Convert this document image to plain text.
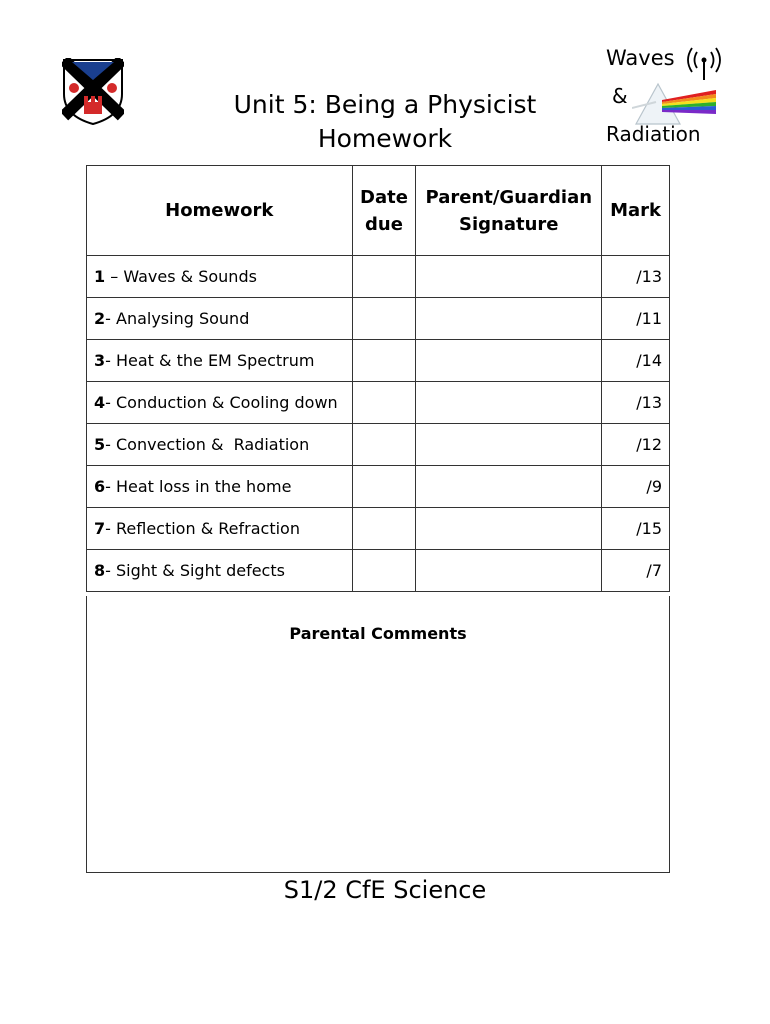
Unit 5: Being a Physicist
Homework
Waves
&
Radiation
Homework	Date due	Parent/Guardian Signature	Mark
1 – Waves & Sounds			/13
2- Analysing Sound			/11
3- Heat & the EM Spectrum			/14
4- Conduction & Cooling down			/13
5- Convection &  Radiation			/12
6- Heat loss in the home			/9
7- Reflection & Refraction			/15
8- Sight & Sight defects			/7
Parental Comments
S1/2 CfE Science
